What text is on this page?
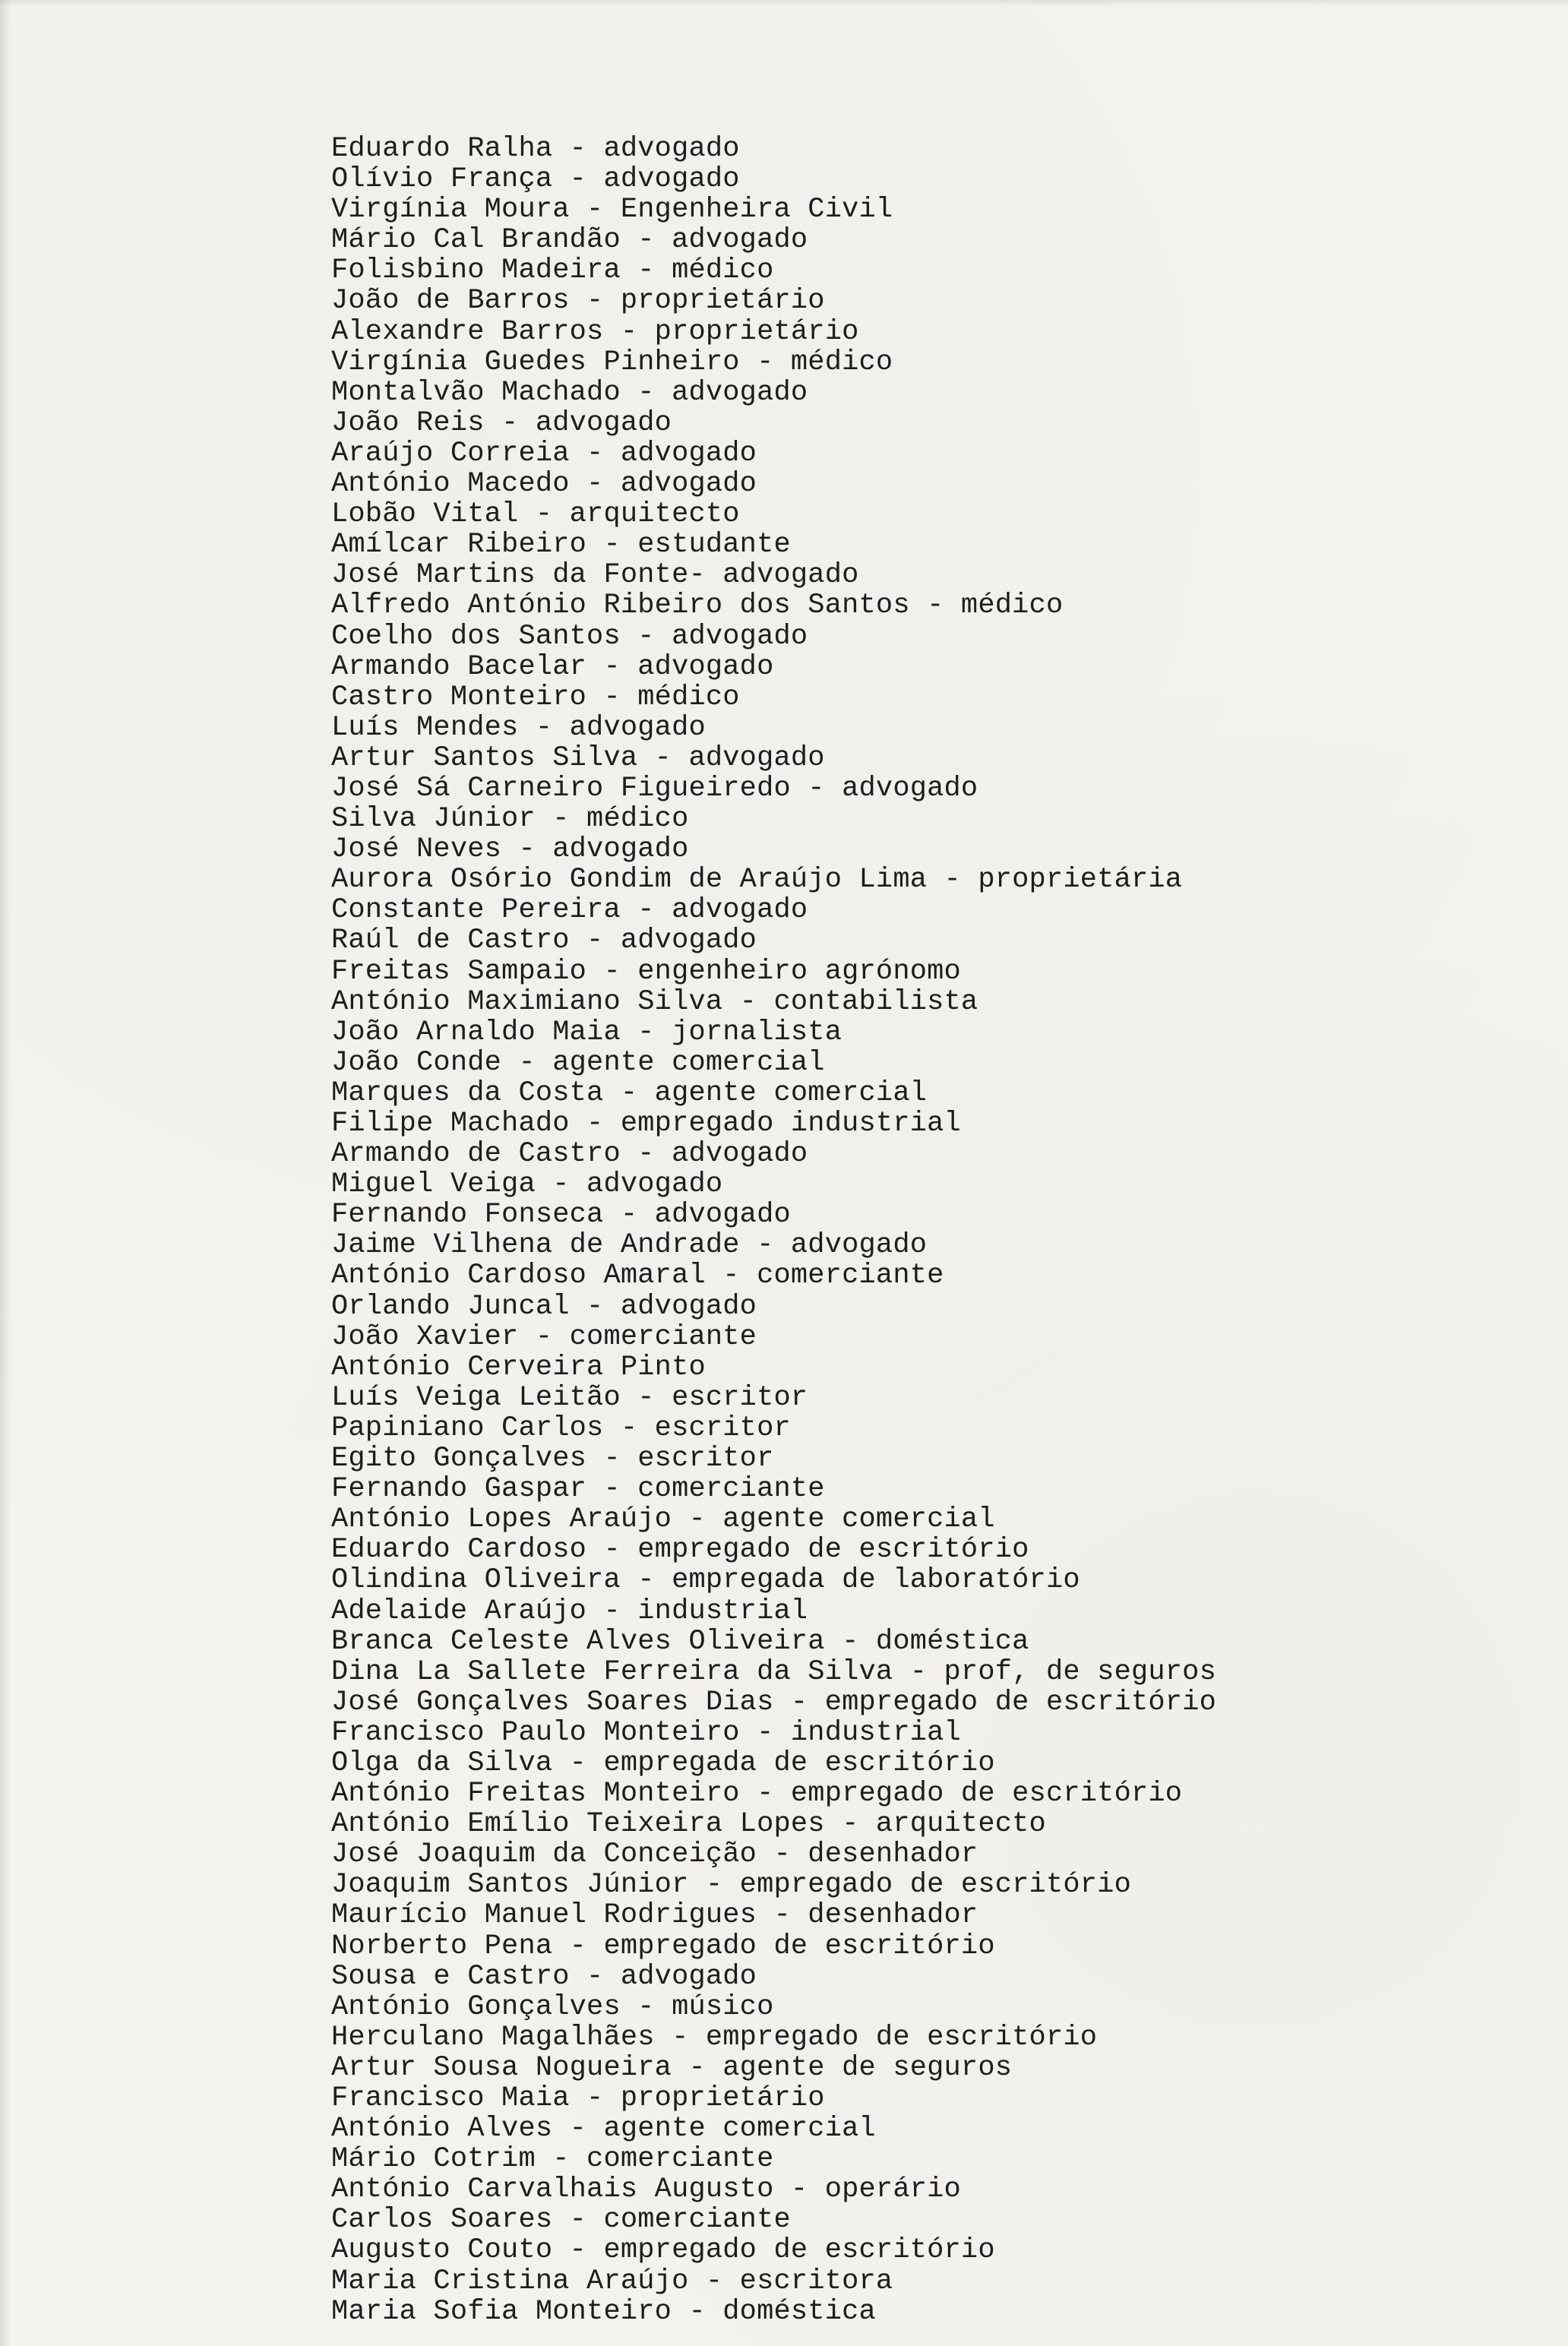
Eduardo Ralha - advogado
Olívio França - advogado
Virgínia Moura - Engenheira Civil
Mário Cal Brandão - advogado
Folisbino Madeira - médico
João de Barros - proprietário
Alexandre Barros - proprietário
Virgínia Guedes Pinheiro - médico
Montalvão Machado - advogado
João Reis - advogado
Araújo Correia - advogado
António Macedo - advogado
Lobão Vital - arquitecto
Amílcar Ribeiro - estudante
José Martins da Fonte- advogado
Alfredo António Ribeiro dos Santos - médico
Coelho dos Santos - advogado
Armando Bacelar - advogado
Castro Monteiro - médico
Luís Mendes - advogado
Artur Santos Silva - advogado
José Sá Carneiro Figueiredo - advogado
Silva Júnior - médico
José Neves - advogado
Aurora Osório Gondim de Araújo Lima - proprietária
Constante Pereira - advogado
Raúl de Castro - advogado
Freitas Sampaio - engenheiro agrónomo
António Maximiano Silva - contabilista
João Arnaldo Maia - jornalista
João Conde - agente comercial
Marques da Costa - agente comercial
Filipe Machado - empregado industrial
Armando de Castro - advogado
Miguel Veiga - advogado
Fernando Fonseca - advogado
Jaime Vilhena de Andrade - advogado
António Cardoso Amaral - comerciante
Orlando Juncal - advogado
João Xavier - comerciante
António Cerveira Pinto
Luís Veiga Leitão - escritor
Papiniano Carlos - escritor
Egito Gonçalves - escritor
Fernando Gaspar - comerciante
António Lopes Araújo - agente comercial
Eduardo Cardoso - empregado de escritório
Olindina Oliveira - empregada de laboratório
Adelaide Araújo - industrial
Branca Celeste Alves Oliveira - doméstica
Dina La Sallete Ferreira da Silva - prof, de seguros
José Gonçalves Soares Dias - empregado de escritório
Francisco Paulo Monteiro - industrial
Olga da Silva - empregada de escritório
António Freitas Monteiro - empregado de escritório
António Emílio Teixeira Lopes - arquitecto
José Joaquim da Conceição - desenhador
Joaquim Santos Júnior - empregado de escritório
Maurício Manuel Rodrigues - desenhador
Norberto Pena - empregado de escritório
Sousa e Castro - advogado
António Gonçalves - músico
Herculano Magalhães - empregado de escritório
Artur Sousa Nogueira - agente de seguros
Francisco Maia - proprietário
António Alves - agente comercial
Mário Cotrim - comerciante
António Carvalhais Augusto - operário
Carlos Soares - comerciante
Augusto Couto - empregado de escritório
Maria Cristina Araújo - escritora
Maria Sofia Monteiro - doméstica
